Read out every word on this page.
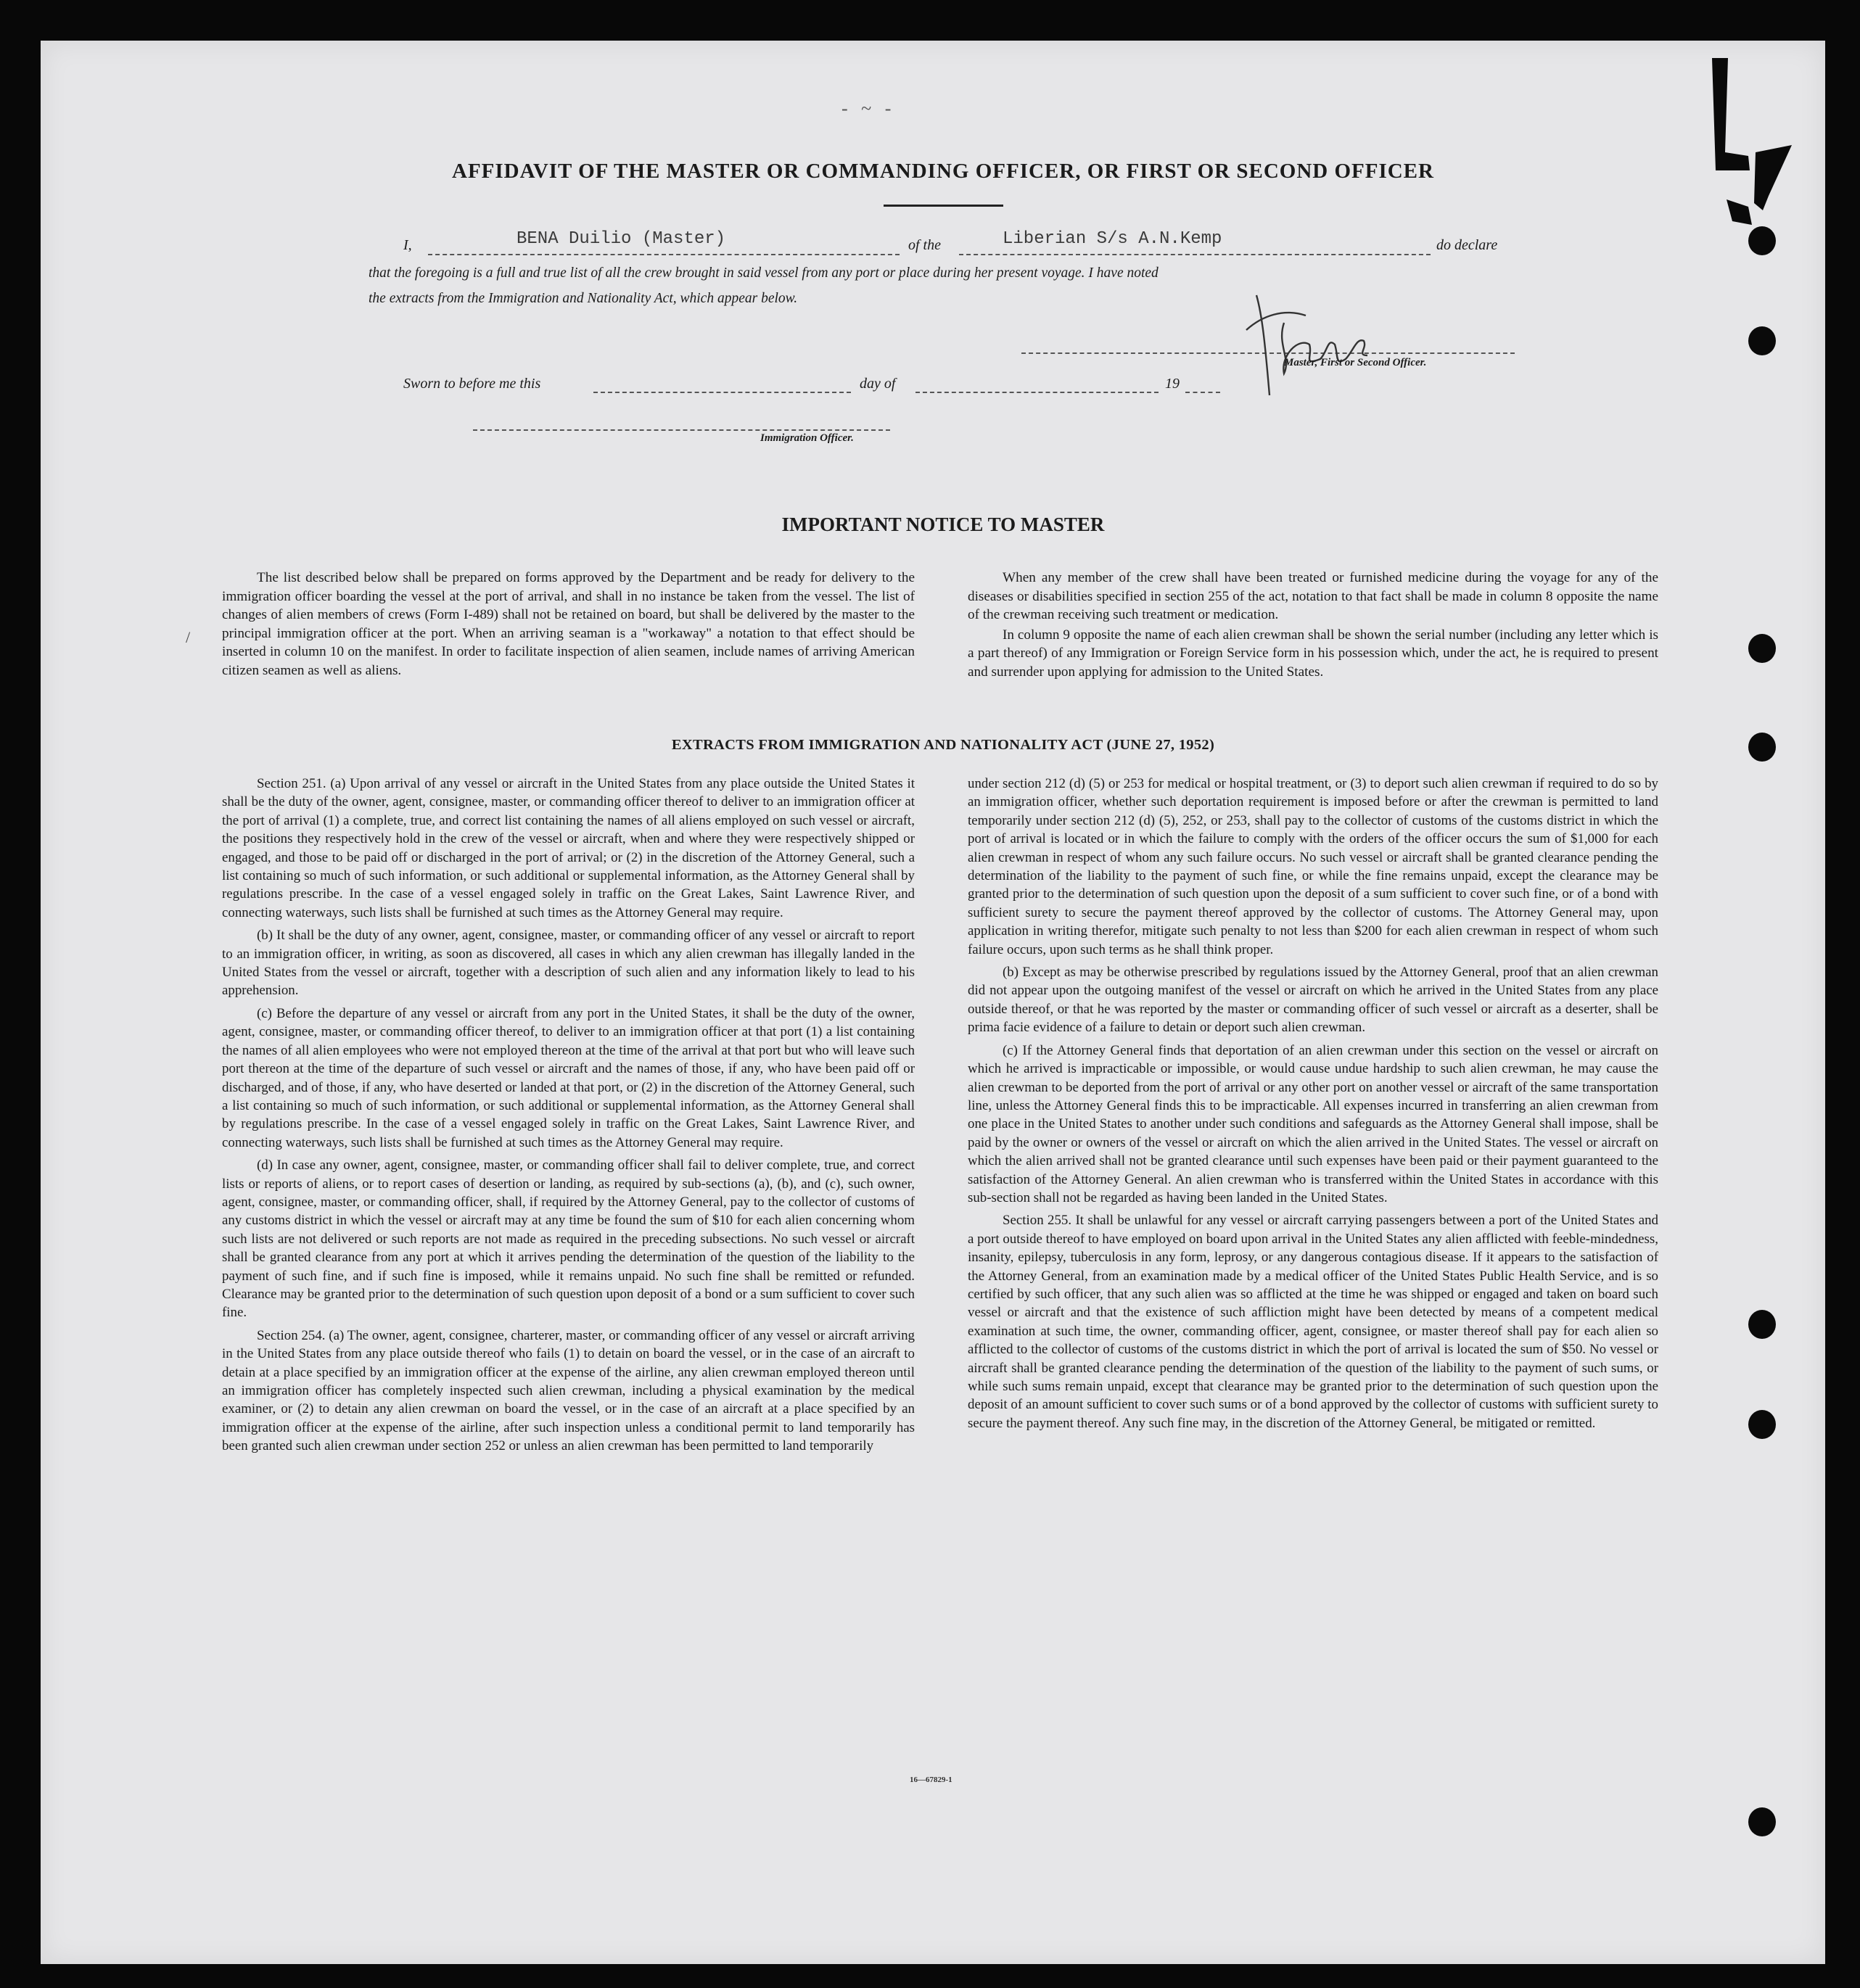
- ~ -
AFFIDAVIT OF THE MASTER OR COMMANDING OFFICER, OR FIRST OR SECOND OFFICER
I,	BENA Duilio (Master)	of the	Liberian S/s A.N.Kemp	do declare
that the foregoing is a full and true list of all the crew brought in said vessel from any port or place during her present voyage. I have noted
the extracts from the Immigration and Nationality Act, which appear below.
Master, First or Second Officer.
Sworn to before me this	day of	19
Immigration Officer.
IMPORTANT NOTICE TO MASTER
/

The list described below shall be prepared on forms approved by the Department and be ready for delivery to the immigration officer boarding the vessel at the port of arrival, and shall in no instance be taken from the vessel. The list of changes of alien members of crews (Form I-489) shall not be retained on board, but shall be delivered by the master to the principal immigration officer at the port. When an arriving seaman is a "workaway" a notation to that effect should be inserted in column 10 on the manifest. In order to facilitate inspection of alien seamen, include names of arriving American citizen seamen as well as aliens.

When any member of the crew shall have been treated or furnished medicine during the voyage for any of the diseases or disabilities specified in section 255 of the act, notation to that fact shall be made in column 8 opposite the name of the crewman receiving such treatment or medication.

In column 9 opposite the name of each alien crewman shall be shown the serial number (including any letter which is a part thereof) of any Immigration or Foreign Service form in his possession which, under the act, he is required to present and surrender upon applying for admission to the United States.

EXTRACTS FROM IMMIGRATION AND NATIONALITY ACT (JUNE 27, 1952)

Section 251. (a) Upon arrival of any vessel or aircraft in the United States from any place outside the United States it shall be the duty of the owner, agent, consignee, master, or commanding officer thereof to deliver to an immigration officer at the port of arrival (1) a complete, true, and correct list containing the names of all aliens employed on such vessel or aircraft, the positions they respectively hold in the crew of the vessel or aircraft, when and where they were respectively shipped or engaged, and those to be paid off or discharged in the port of arrival; or (2) in the discretion of the Attorney General, such a list containing so much of such information, or such additional or supplemental information, as the Attorney General shall by regulations prescribe. In the case of a vessel engaged solely in traffic on the Great Lakes, Saint Lawrence River, and connecting waterways, such lists shall be furnished at such times as the Attorney General may require.

(b) It shall be the duty of any owner, agent, consignee, master, or commanding officer of any vessel or aircraft to report to an immigration officer, in writing, as soon as discovered, all cases in which any alien crewman has illegally landed in the United States from the vessel or aircraft, together with a description of such alien and any information likely to lead to his apprehension.

(c) Before the departure of any vessel or aircraft from any port in the United States, it shall be the duty of the owner, agent, consignee, master, or commanding officer thereof, to deliver to an immigration officer at that port (1) a list containing the names of all alien employees who were not employed thereon at the time of the arrival at that port but who will leave such port thereon at the time of the departure of such vessel or aircraft and the names of those, if any, who have been paid off or discharged, and of those, if any, who have deserted or landed at that port, or (2) in the discretion of the Attorney General, such a list containing so much of such information, or such additional or supplemental information, as the Attorney General shall by regulations prescribe. In the case of a vessel engaged solely in traffic on the Great Lakes, Saint Lawrence River, and connecting waterways, such lists shall be furnished at such times as the Attorney General may require.

(d) In case any owner, agent, consignee, master, or commanding officer shall fail to deliver complete, true, and correct lists or reports of aliens, or to report cases of desertion or landing, as required by sub-sections (a), (b), and (c), such owner, agent, consignee, master, or commanding officer, shall, if required by the Attorney General, pay to the collector of customs of any customs district in which the vessel or aircraft may at any time be found the sum of $10 for each alien concerning whom such lists are not delivered or such reports are not made as required in the preceding subsections. No such vessel or aircraft shall be granted clearance from any port at which it arrives pending the determination of the question of the liability to the payment of such fine, and if such fine is imposed, while it remains unpaid. No such fine shall be remitted or refunded. Clearance may be granted prior to the determination of such question upon deposit of a bond or a sum sufficient to cover such fine.

Section 254. (a) The owner, agent, consignee, charterer, master, or commanding officer of any vessel or aircraft arriving in the United States from any place outside thereof who fails (1) to detain on board the vessel, or in the case of an aircraft to detain at a place specified by an immigration officer at the expense of the airline, any alien crewman employed thereon until an immigration officer has completely inspected such alien crewman, including a physical examination by the medical examiner, or (2) to detain any alien crewman on board the vessel, or in the case of an aircraft at a place specified by an immigration officer at the expense of the airline, after such inspection unless a conditional permit to land temporarily has been granted such alien crewman under section 252 or unless an alien crewman has been permitted to land temporarily

under section 212 (d) (5) or 253 for medical or hospital treatment, or (3) to deport such alien crewman if required to do so by an immigration officer, whether such deportation requirement is imposed before or after the crewman is permitted to land temporarily under section 212 (d) (5), 252, or 253, shall pay to the collector of customs of the customs district in which the port of arrival is located or in which the failure to comply with the orders of the officer occurs the sum of $1,000 for each alien crewman in respect of whom any such failure occurs. No such vessel or aircraft shall be granted clearance pending the determination of the liability to the payment of such fine, or while the fine remains unpaid, except the clearance may be granted prior to the determination of such question upon the deposit of a sum sufficient to cover such fine, or of a bond with sufficient surety to secure the payment thereof approved by the collector of customs. The Attorney General may, upon application in writing therefor, mitigate such penalty to not less than $200 for each alien crewman in respect of whom such failure occurs, upon such terms as he shall think proper.

(b) Except as may be otherwise prescribed by regulations issued by the Attorney General, proof that an alien crewman did not appear upon the outgoing manifest of the vessel or aircraft on which he arrived in the United States from any place outside thereof, or that he was reported by the master or commanding officer of such vessel or aircraft as a deserter, shall be prima facie evidence of a failure to detain or deport such alien crewman.

(c) If the Attorney General finds that deportation of an alien crewman under this section on the vessel or aircraft on which he arrived is impracticable or impossible, or would cause undue hardship to such alien crewman, he may cause the alien crewman to be deported from the port of arrival or any other port on another vessel or aircraft of the same transportation line, unless the Attorney General finds this to be impracticable. All expenses incurred in transferring an alien crewman from one place in the United States to another under such conditions and safeguards as the Attorney General shall impose, shall be paid by the owner or owners of the vessel or aircraft on which the alien arrived in the United States. The vessel or aircraft on which the alien arrived shall not be granted clearance until such expenses have been paid or their payment guaranteed to the satisfaction of the Attorney General. An alien crewman who is transferred within the United States in accordance with this sub-section shall not be regarded as having been landed in the United States.

Section 255. It shall be unlawful for any vessel or aircraft carrying passengers between a port of the United States and a port outside thereof to have employed on board upon arrival in the United States any alien afflicted with feeble-mindedness, insanity, epilepsy, tuberculosis in any form, leprosy, or any dangerous contagious disease. If it appears to the satisfaction of the Attorney General, from an examination made by a medical officer of the United States Public Health Service, and is so certified by such officer, that any such alien was so afflicted at the time he was shipped or engaged and taken on board such vessel or aircraft and that the existence of such affliction might have been detected by means of a competent medical examination at such time, the owner, commanding officer, agent, consignee, or master thereof shall pay for each alien so afflicted to the collector of customs of the customs district in which the port of arrival is located the sum of $50. No vessel or aircraft shall be granted clearance pending the determination of the question of the liability to the payment of such sums, or while such sums remain unpaid, except that clearance may be granted prior to the determination of such question upon the deposit of an amount sufficient to cover such sums or of a bond approved by the collector of customs with sufficient surety to secure the payment thereof. Any such fine may, in the discretion of the Attorney General, be mitigated or remitted.

16—67829-1
